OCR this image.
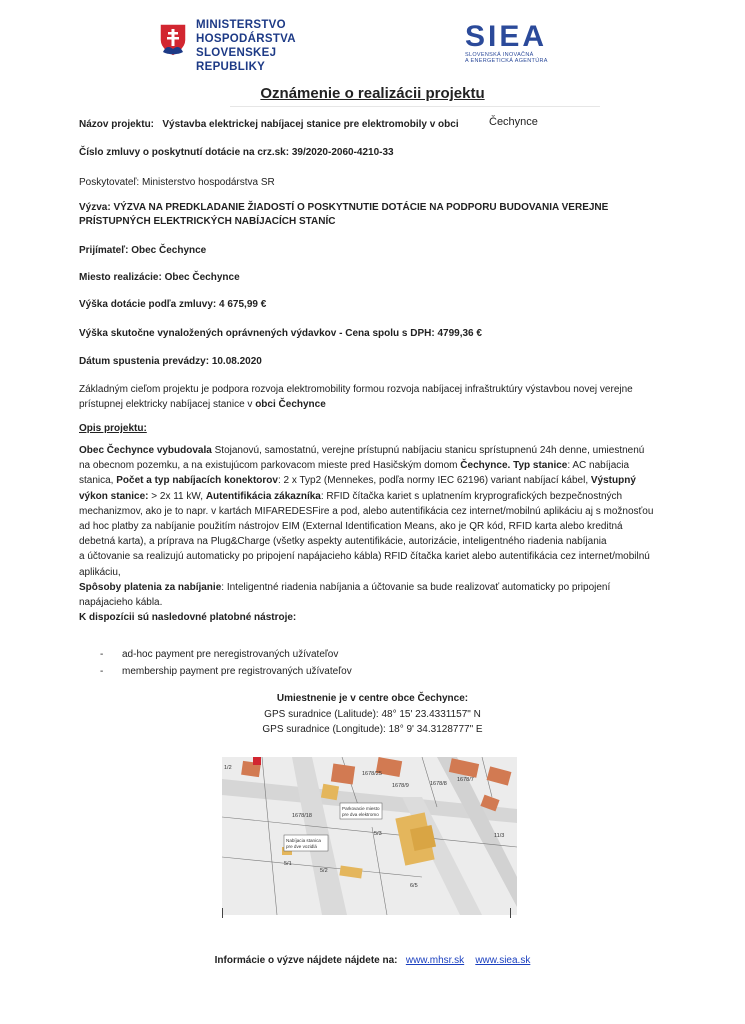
MINISTERSTVO
HOSPODÁRSTVA
SLOVENSKEJ REPUBLIKY
SIEA
SLOVENSKÁ INOVAČNÁ
A ENERGETICKÁ AGENTÚRA
Oznámenie o realizácii projektu
Názov projektu: Výstavba elektrickej nabíjacej stanice pre elektromobily v obci	Čechynce
Číslo zmluvy o poskytnutí dotácie na crz.sk: 39/2020-2060-4210-33
Poskytovateľ: Ministerstvo hospodárstva SR
Výzva: VÝZVA NA PREDKLADANIE ŽIADOSTÍ O POSKYTNUTIE DOTÁCIE NA PODPORU BUDOVANIA VEREJNE
PRÍSTUPNÝCH ELEKTRICKÝCH NABÍJACÍCH STANÍC
Prijímateľ: Obec Čechynce
Miesto realizácie: Obec Čechynce
Výška dotácie podľa zmluvy: 4 675,99 €
Výška skutočne vynaložených oprávnených výdavkov - Cena spolu s DPH: 4799,36 €
Dátum spustenia prevádzy: 10.08.2020
Základným cieľom projektu je podpora rozvoja elektromobility formou rozvoja nabíjacej infraštruktúry výstavbou novej verejne
prístupnej elektricky nabíjacej stanice v obci Čechynce
Opis projektu:
Obec Čechynce vybudovala Stojanovú, samostatnú, verejne prístupnú nabíjaciu stanicu sprístupnenú 24h denne, umiestnenú
na obecnom pozemku, a na existujúcom parkovacom mieste pred Hasičským domom Čechynce. Typ stanice: AC nabíjacia
stanica, Počet a typ nabíjacích konektorov: 2 x Typ2 (Mennekes, podľa normy IEC 62196) variant nabíjací kábel, Výstupný
výkon stanice: > 2x 11 kW, Autentifikácia zákazníka: RFID čítačka kariet s uplatnením kryprografických bezpečnostných
mechanizmov, ako je to napr. v kartách MIFAREDESFire a pod, alebo autentifikácia cez internet/mobilnú aplikáciu aj s možnosťou
ad hoc platby za nabíjanie použitím nástrojov EIM (External Identification Means, ako je QR kód, RFID karta alebo kreditná
debetná karta), a príprava na Plug&Charge (všetky aspekty autentifikácie, autorizácie, inteligentného riadenia nabíjania
a účtovanie sa realizujú automaticky po pripojení napájacieho kábla) RFID čítačka kariet alebo autentifikácia cez internet/mobilnú
aplikáciu,
Spôsoby platenia za nabíjanie: Inteligentné riadenia nabíjania a účtovanie sa bude realizovať automaticky po pripojení
napájacieho kábla.
K dispozícii sú nasledovné platobné nástroje:
- ad-hoc payment pre neregistrovaných užívateľov
- membership payment pre registrovaných užívateľov
Umiestnenie je v centre obce Čechynce:
GPS suradnice (Lalitude): 48° 15' 23.4331157" N
GPS suradnice (Longitude): 18° 9' 34.3128777" E
1678/25
1678/18
1678/9	1678/8
1678/7
5/1
5/2
5/3
6/5
1/2
11/3
Parkovacie miesto
pre dva elektromo
Nabíjacia stanica
pre dve vozidlá
Informácie o výzve nájdete nájdete na: www.mhsr.sk www.siea.sk
